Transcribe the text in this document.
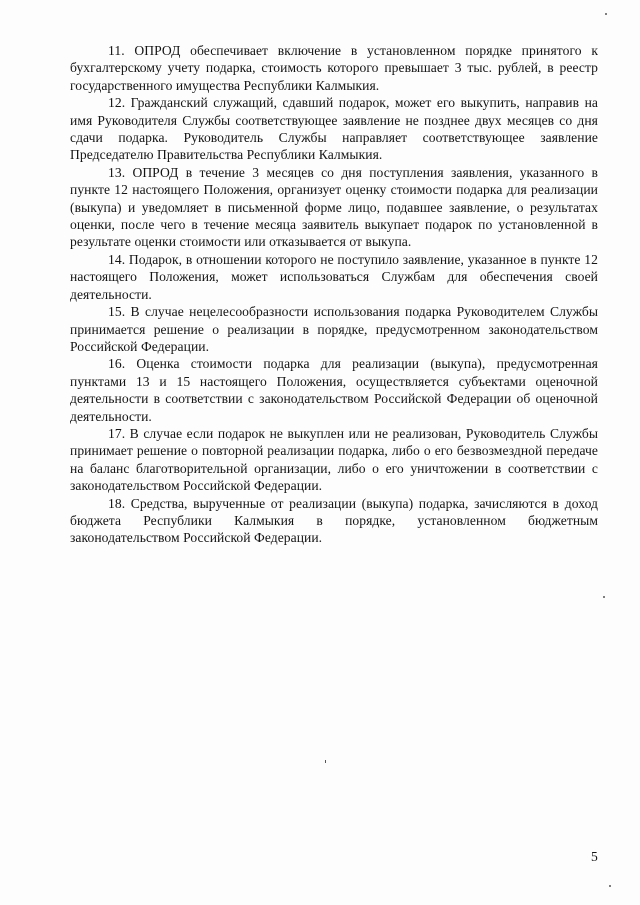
11. ОПРОД обеспечивает включение в установленном порядке принятого к бухгалтерскому учету подарка, стоимость которого превышает 3 тыс. рублей, в реестр государственного имущества Республики Калмыкия.

12. Гражданский служащий, сдавший подарок, может его выкупить, направив на имя Руководителя Службы соответствующее заявление не позднее двух месяцев со дня сдачи подарка. Руководитель Службы направляет соответствующее заявление Председателю Правительства Республики Калмыкия.

13. ОПРОД в течение 3 месяцев со дня поступления заявления, указанного в пункте 12 настоящего Положения, организует оценку стоимости подарка для реализации (выкупа) и уведомляет в письменной форме лицо, подавшее заявление, о результатах оценки, после чего в течение месяца заявитель выкупает подарок по установленной в результате оценки стоимости или отказывается от выкупа.

14. Подарок, в отношении которого не поступило заявление, указанное в пункте 12 настоящего Положения, может использоваться Службам для обеспечения своей деятельности.

15. В случае нецелесообразности использования подарка Руководителем Службы принимается решение о реализации в порядке, предусмотренном законодательством Российской Федерации.

16. Оценка стоимости подарка для реализации (выкупа), предусмотренная пунктами 13 и 15 настоящего Положения, осуществляется субъектами оценочной деятельности в соответствии с законодательством Российской Федерации об оценочной деятельности.

17. В случае если подарок не выкуплен или не реализован, Руководитель Службы принимает решение о повторной реализации подарка, либо о его безвозмездной передаче на баланс благотворительной организации, либо о его уничтожении в соответствии с законодательством Российской Федерации.

18. Средства, вырученные от реализации (выкупа) подарка, зачисляются в доход бюджета Республики Калмыкия в порядке, установленном бюджетным законодательством Российской Федерации.

5
